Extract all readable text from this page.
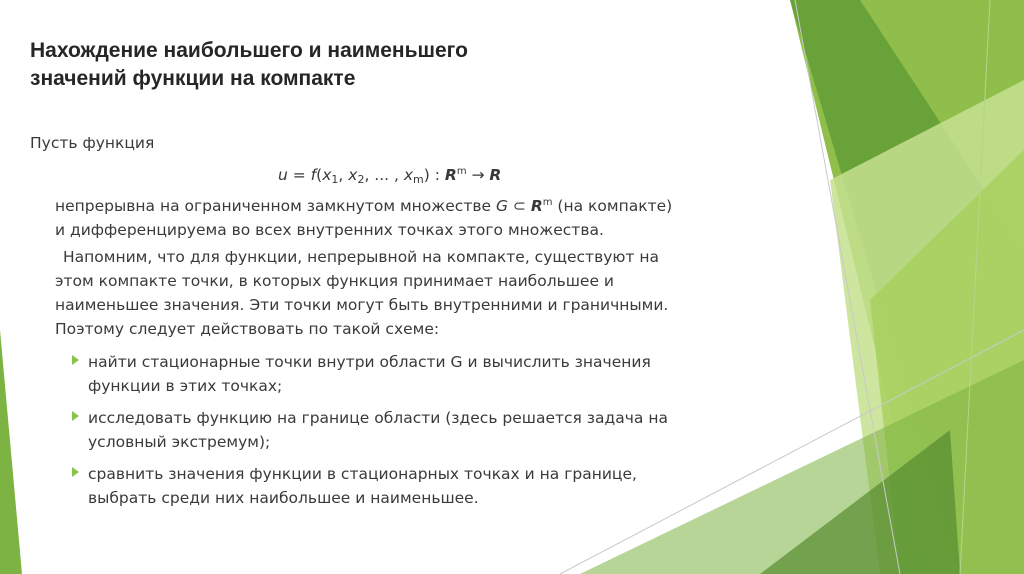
Нахождение наибольшего и наименьшего
значений функции на компакте
Пусть функция
$u = f(x_1$, $x_2$, ... , $x_m$) : $R^m \to R$
непрерывна на ограниченном замкнутом множестве G ⊂ $R^m$ (на компакте)
и дифференцируема во всех внутренних точках этого множества.
Напомним, что для функции, непрерывной на компакте, существуют на
этом компакте точки, в которых функция принимает наибольшее и
наименьшее значения. Эти точки могут быть внутренними и граничными.
Поэтому следует действовать по такой схеме:
найти стационарные точки внутри области G и вычислить значения
функции в этих точках;
исследовать функцию на границе области (здесь решается задача на
условный экстремум);
сравнить значения функции в стационарных точках и на границе,
выбрать среди них наибольшее и наименьшее.
